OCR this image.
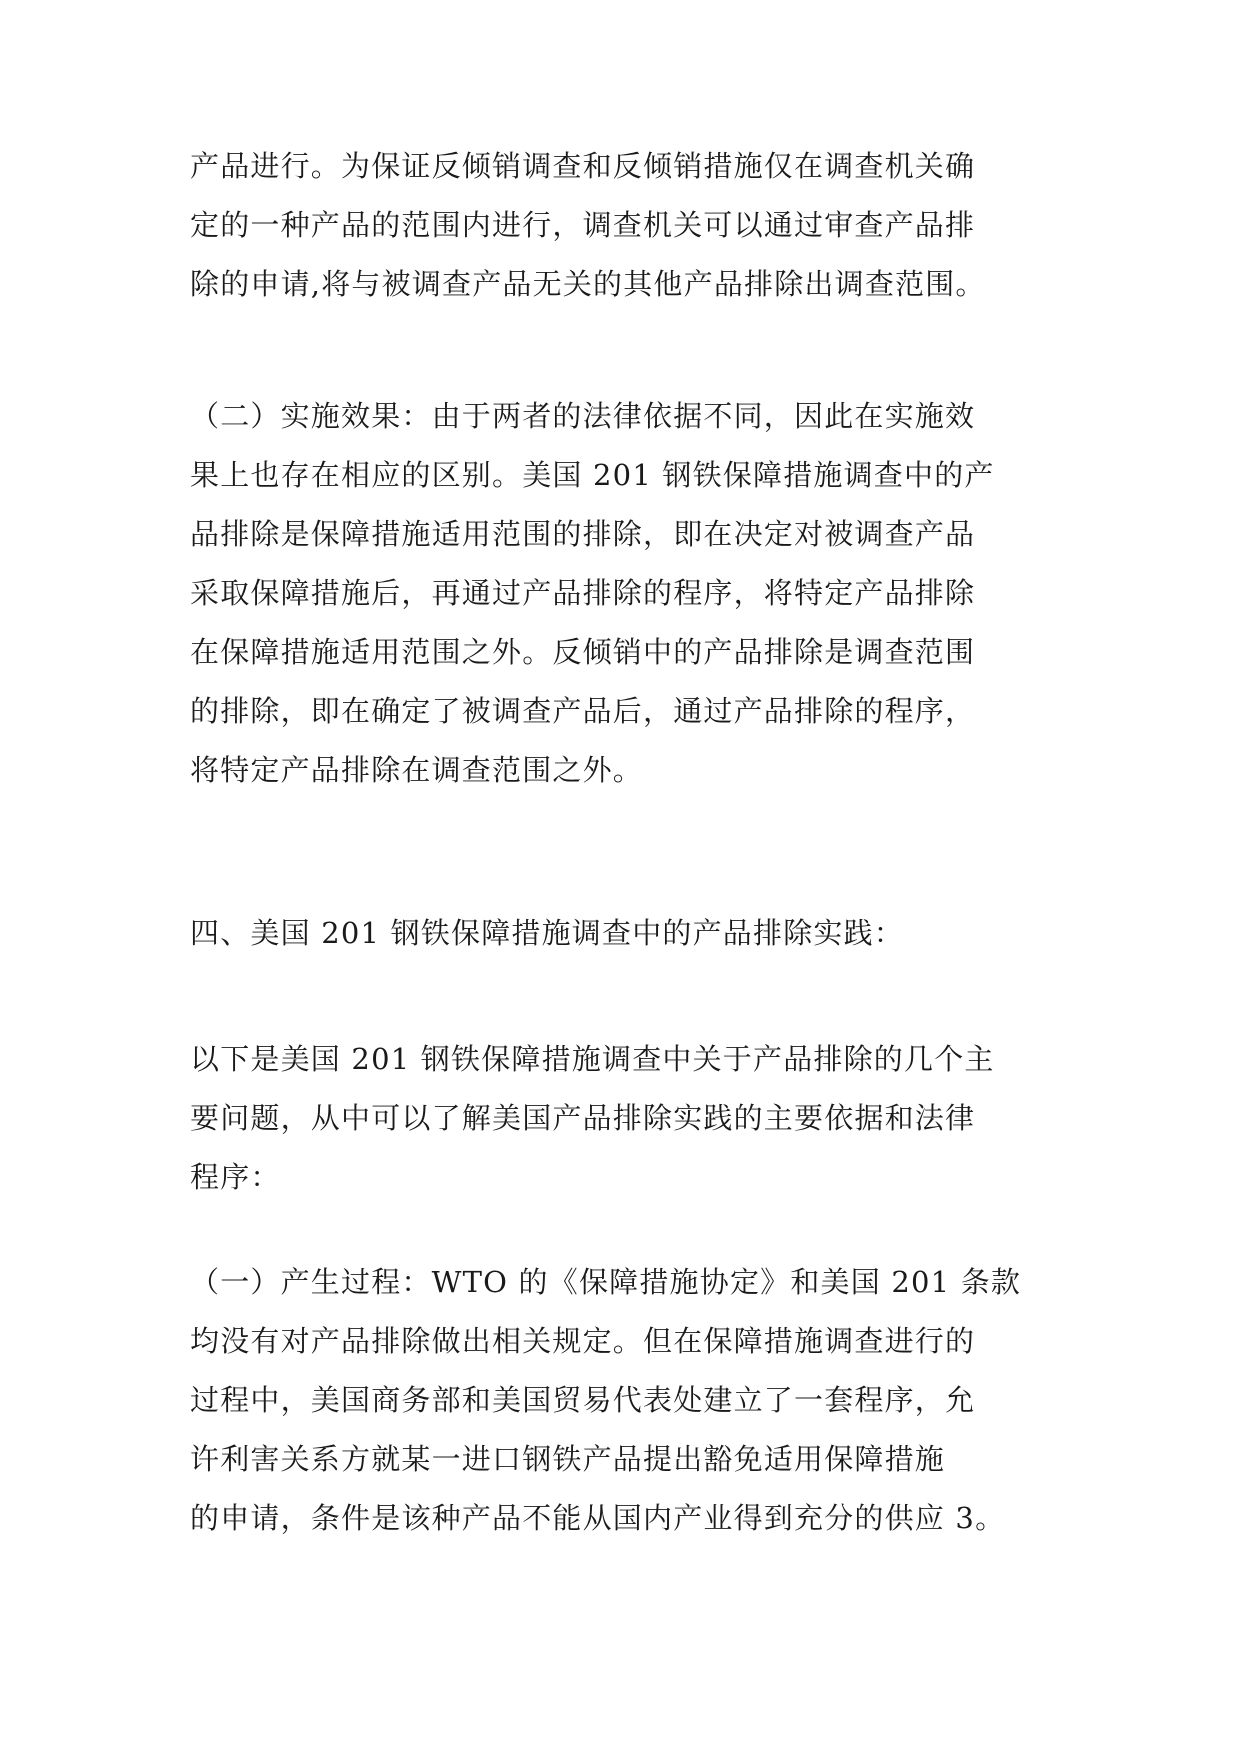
产品进行。为保证反倾销调查和反倾销措施仅在调查机关确
定的一种产品的范围内进行，调查机关可以通过审查产品排
除的申请,将与被调查产品无关的其他产品排除出调查范围。
（二）实施效果：由于两者的法律依据不同，因此在实施效
果上也存在相应的区别。美国 201 钢铁保障措施调查中的产
品排除是保障措施适用范围的排除，即在决定对被调查产品
采取保障措施后，再通过产品排除的程序，将特定产品排除
在保障措施适用范围之外。反倾销中的产品排除是调查范围
的排除，即在确定了被调查产品后，通过产品排除的程序，
将特定产品排除在调查范围之外。
四、美国 201 钢铁保障措施调查中的产品排除实践：
以下是美国 201 钢铁保障措施调查中关于产品排除的几个主
要问题，从中可以了解美国产品排除实践的主要依据和法律
程序：
（一）产生过程：WTO 的《保障措施协定》和美国 201 条款
均没有对产品排除做出相关规定。但在保障措施调查进行的
过程中，美国商务部和美国贸易代表处建立了一套程序，允
许利害关系方就某一进口钢铁产品提出豁免适用保障措施
的申请，条件是该种产品不能从国内产业得到充分的供应 3。
